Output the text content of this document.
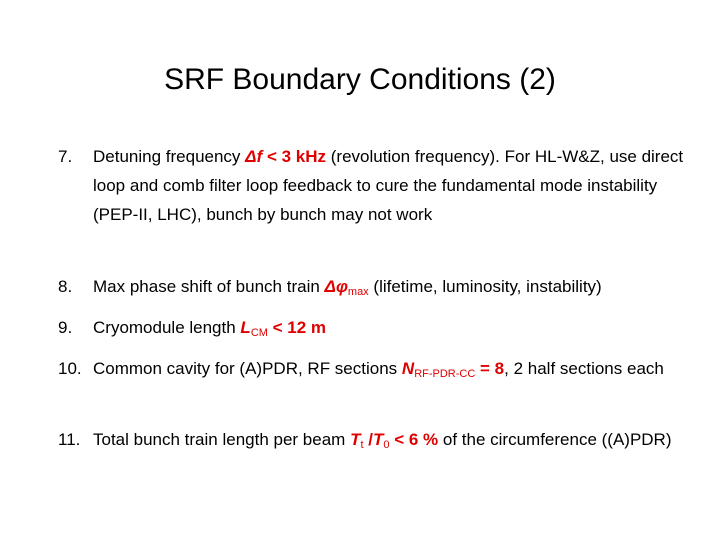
SRF Boundary Conditions (2)
7. Detuning frequency Δf < 3 kHz (revolution frequency). For HL-W&Z, use direct loop and comb filter loop feedback to cure the fundamental mode instability (PEP-II, LHC), bunch by bunch may not work
8. Max phase shift of bunch train $\Delta\varphi_{max}$ (lifetime, luminosity, instability)
9. Cryomodule length $L_{CM} < 12$ m
10. Common cavity for (A)PDR, RF sections $N_{RF-PDR-CC} = 8$, 2 half sections each
11. Total bunch train length per beam $T_t$ $/T_0 < 6$ % of the circumference ((A)PDR)
